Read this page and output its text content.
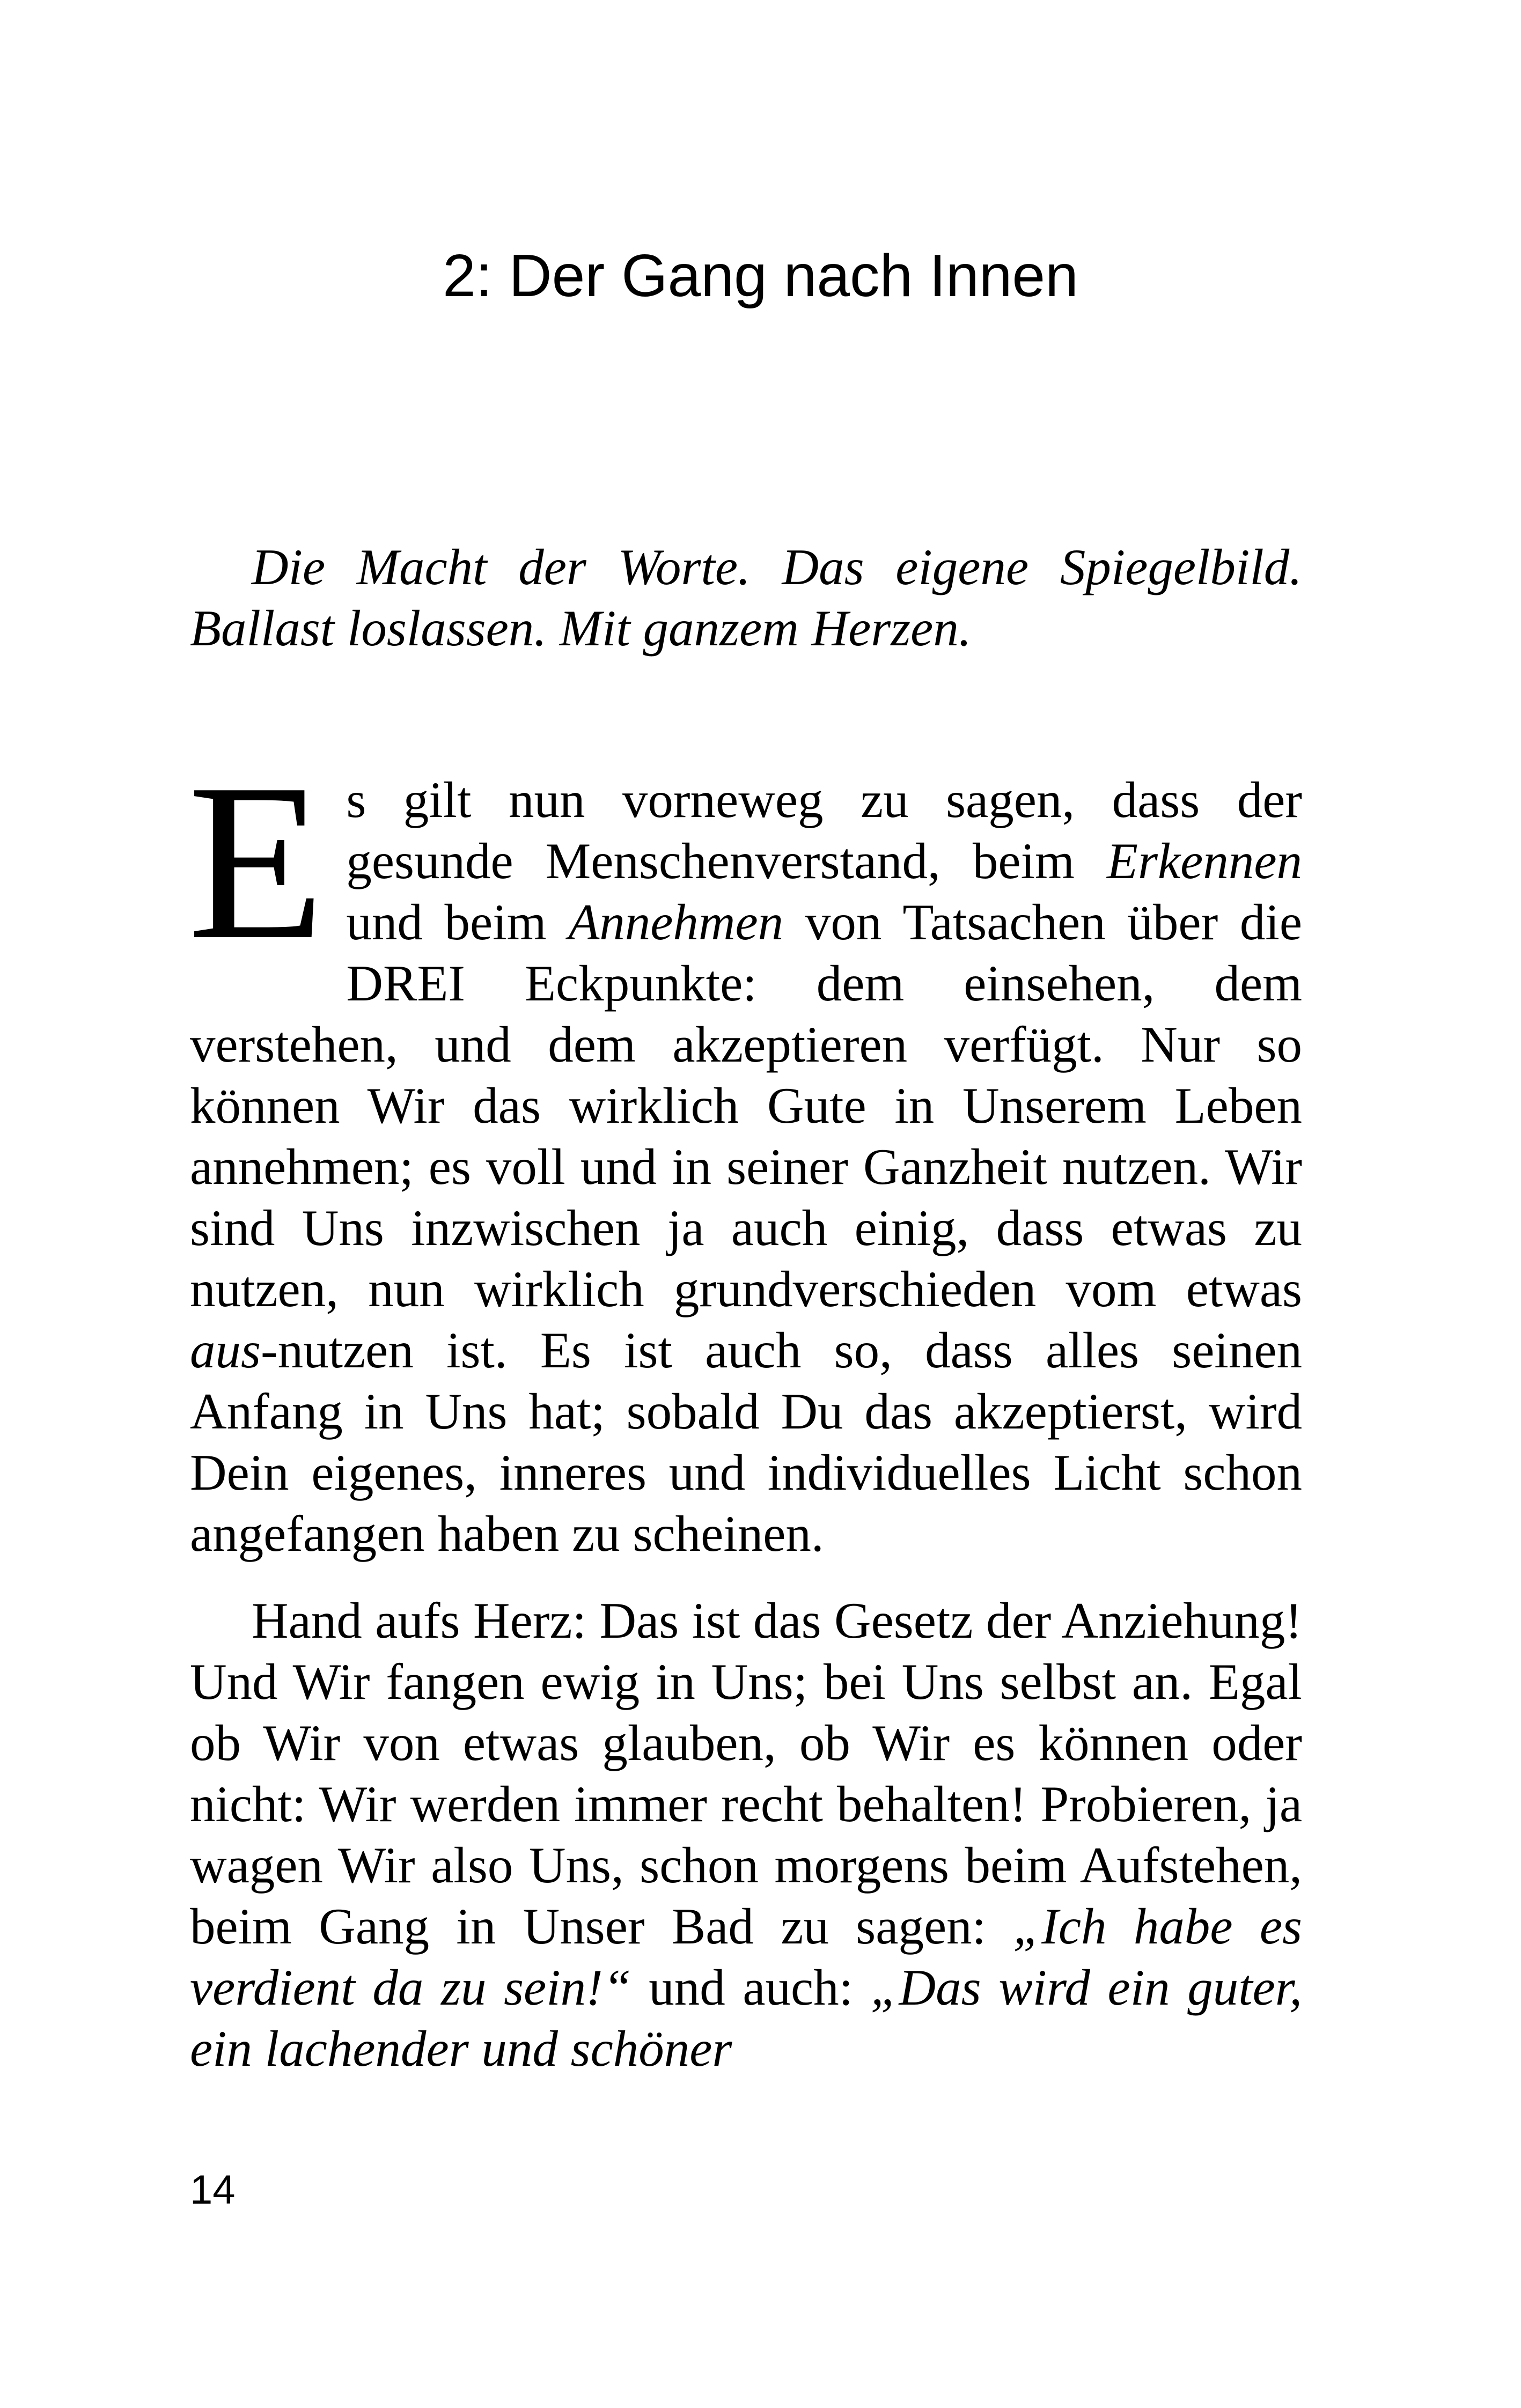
2: Der Gang nach Innen

Die Macht der Worte. Das eigene Spiegelbild. Ballast loslassen. Mit ganzem Herzen.

Es gilt nun vorneweg zu sagen, dass der gesunde Menschenverstand, beim Erkennen und beim Annehmen von Tatsachen über die DREI Eckpunkte: dem einsehen, dem verstehen, und dem akzeptieren verfügt. Nur so können Wir das wirklich Gute in Unserem Leben annehmen; es voll und in seiner Ganzheit nutzen. Wir sind Uns inzwischen ja auch einig, dass etwas zu nutzen, nun wirklich grundverschieden vom etwas aus-nutzen ist. Es ist auch so, dass alles seinen Anfang in Uns hat; sobald Du das akzeptierst, wird Dein eigenes, inneres und individuelles Licht schon angefangen haben zu scheinen.

Hand aufs Herz: Das ist das Gesetz der Anziehung! Und Wir fangen ewig in Uns; bei Uns selbst an. Egal ob Wir von etwas glauben, ob Wir es können oder nicht: Wir werden immer recht behalten! Probieren, ja wagen Wir also Uns, schon morgens beim Aufstehen, beim Gang in Unser Bad zu sagen: „Ich habe es verdient da zu sein!“ und auch: „Das wird ein guter, ein lachender und schöner

14
